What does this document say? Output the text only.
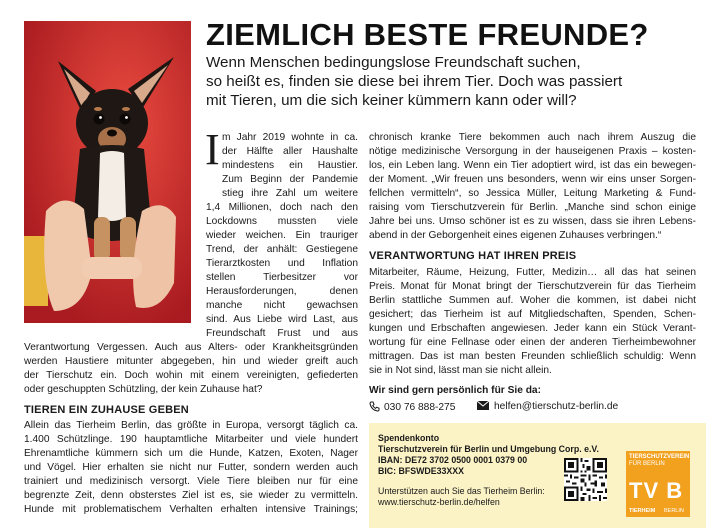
ZIEMLICH BESTE FREUNDE?
Wenn Menschen bedingungslose Freundschaft suchen,
so heißt es, finden sie diese bei ihrem Tier. Doch was passiert
mit Tieren, um die sich keiner kümmern kann oder will?
I m Jahr 2019 wohnte in ca.
der Hälfte aller Haushalte
mindestens ein Haustier.
Zum Beginn der Pandemie
stieg ihre Zahl um weitere
1,4 Millionen, doch nach den
Lockdowns mussten viele
wieder weichen. Ein trauriger
Trend, der anhält: Gestiegene
Tierarztkosten und Inflation
stellen Tierbesitzer vor
Herausforderungen, denen
manche nicht gewachsen
sind. Aus Liebe wird Last, aus
Freundschaft Frust und aus
Verantwortung Vergessen. Auch aus Alters- oder Krankheitsgründen
werden Haustiere mitunter abgegeben, hin und wieder greift auch
der Tierschutz ein. Doch wohin mit einem vereinigten, gefiederten
oder geschuppten Schützling, der kein Zuhause hat?
TIEREN EIN ZUHAUSE GEBEN
Allein das Tierheim Berlin, das größte in Europa, versorgt täglich ca.
1.400 Schützlinge. 190 hauptamtliche Mitarbeiter und viele hundert
Ehrenamtliche kümmern sich um die Hunde, Katzen, Exoten, Nager
und Vögel. Hier erhalten sie nicht nur Futter, sondern werden auch
trainiert und medizinisch versorgt. Viele Tiere bleiben nur für eine
begrenzte Zeit, denn obsterstes Ziel ist es, sie wieder zu vermitteln.
Hunde mit problematischem Verhalten erhalten intensive Trainings;
chronisch kranke Tiere bekommen auch nach ihrem Auszug die
nötige medizinische Versorgung in der hauseigenen Praxis – kosten-
los, ein Leben lang. Wenn ein Tier adoptiert wird, ist das ein bewegen-
der Moment. „Wir freuen uns besonders, wenn wir eins unser Sorgen-
fellchen vermitteln“, so Jessica Müller, Leitung Marketing & Fund-
raising vom Tierschutzverein für Berlin. „Manche sind schon einige
Jahre bei uns. Umso schöner ist es zu wissen, dass sie ihren Lebens-
abend in der Geborgenheit eines eigenen Zuhauses verbringen.“
VERANTWORTUNG HAT IHREN PREIS
Mitarbeiter, Räume, Heizung, Futter, Medizin… all das hat seinen
Preis. Monat für Monat bringt der Tierschutzverein für das Tierheim
Berlin stattliche Summen auf. Woher die kommen, ist dabei nicht
gesichert; das Tierheim ist auf Mitgliedschaften, Spenden, Schen-
kungen und Erbschaften angewiesen. Jeder kann ein Stück Verant-
wortung für eine Fellnase oder einen der anderen Tierheimbewohner
mittragen. Das ist man besten Freunden schließlich schuldig: Wenn
sie in Not sind, lässt man sie nicht allein.
Wir sind gern persönlich für Sie da:
030 76 888-275	helfen@tierschutz-berlin.de
Spendenkonto
Tierschutzverein für Berlin und Umgebung Corp. e.V.
IBAN: DE72 3702 0500 0001 0379 00
BIC: BFSWDE33XXX
Unterstützen auch Sie das Tierheim Berlin:
www.tierschutz-berlin.de/helfen
TIERSCHUTZVEREIN
FÜR BERLIN
TV B
TIERHEIM BERLIN
